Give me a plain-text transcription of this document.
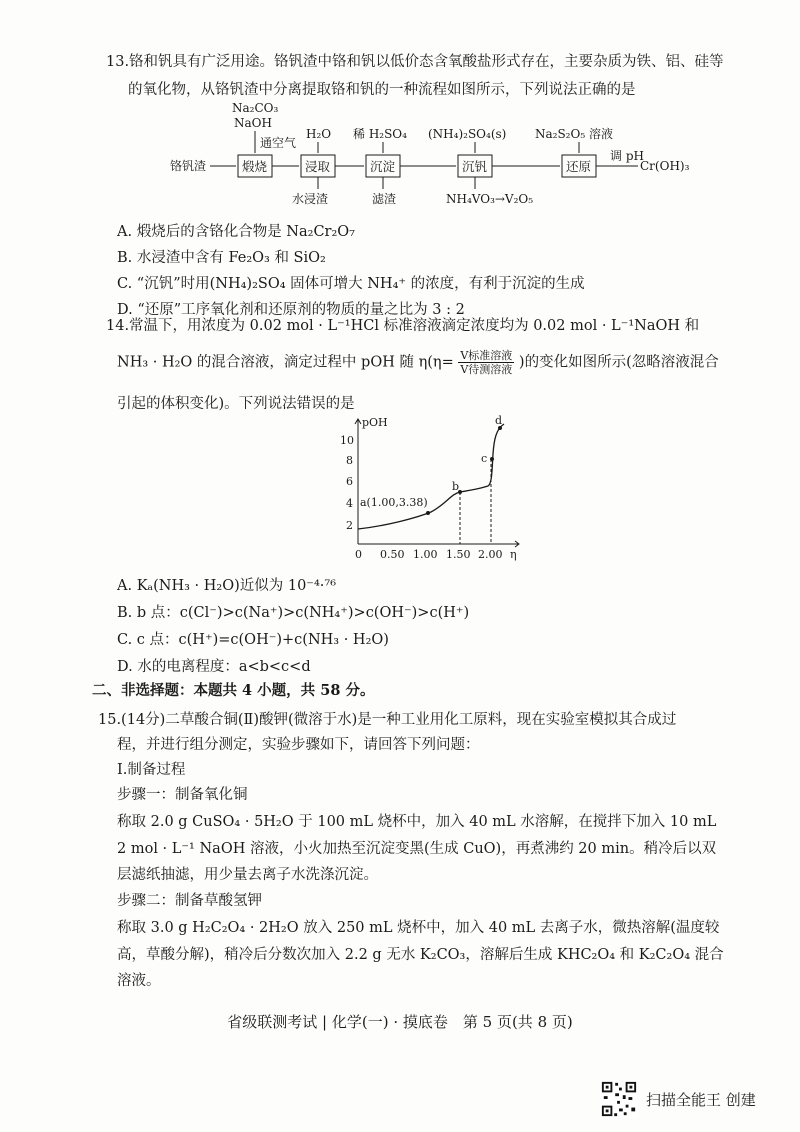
13.铬和钒具有广泛用途。铬钒渣中铬和钒以低价态含氧酸盐形式存在，主要杂质为铁、铝、硅等
的氧化物，从铬钒渣中分离提取铬和钒的一种流程如图所示，下列说法正确的是
Na₂CO₃
NaOH
通空气
H₂O 稀 H₂SO₄ (NH₄)₂SO₄(s) Na₂S₂O₅ 溶液
铬钒渣
调 pH
Cr(OH)₃
水浸渣	滤渣	NH₄VO₃→V₂O₅
煅烧	浸取	沉淀	沉钒	还原
A. 煅烧后的含铬化合物是 Na₂Cr₂O₇
B. 水浸渣中含有 Fe₂O₃ 和 SiO₂
C. “沉钒”时用(NH₄)₂SO₄ 固体可增大 NH₄⁺ 的浓度，有利于沉淀的生成
D. “还原”工序氧化剂和还原剂的物质的量之比为 3 : 2
14.常温下，用浓度为 0.02 mol · L⁻¹HCl 标准溶液滴定浓度均为 0.02 mol · L⁻¹NaOH 和
NH₃ · H₂O 的混合溶液，滴定过程中 pOH 随 η(η= V标准溶液
V待测溶液 )的变化如图所示(忽略溶液混合
引起的体积变化)。下列说法错误的是
pOH
10
8
6
4
2
0 0.50 1.00 1.50 2.00 η
a(1.00,3.38)
b
c
d
A. Kₐ(NH₃ · H₂O)近似为 10⁻⁴·⁷⁶
B. b 点：c(Cl⁻)>c(Na⁺)>c(NH₄⁺)>c(OH⁻)>c(H⁺)
C. c 点：c(H⁺)=c(OH⁻)+c(NH₃ · H₂O)
D. 水的电离程度：a<b<c<d
二、非选择题：本题共 4 小题，共 58 分。
15.(14分)二草酸合铜(Ⅱ)酸钾(微溶于水)是一种工业用化工原料，现在实验室模拟其合成过
程，并进行组分测定，实验步骤如下，请回答下列问题：
Ⅰ.制备过程
步骤一：制备氧化铜
称取 2.0 g CuSO₄ · 5H₂O 于 100 mL 烧杯中，加入 40 mL 水溶解，在搅拌下加入 10 mL
2 mol · L⁻¹ NaOH 溶液，小火加热至沉淀变黑(生成 CuO)，再煮沸约 20 min。稍冷后以双
层滤纸抽滤，用少量去离子水洗涤沉淀。
步骤二：制备草酸氢钾
称取 3.0 g H₂C₂O₄ · 2H₂O 放入 250 mL 烧杯中，加入 40 mL 去离子水，微热溶解(温度较
高，草酸分解)，稍冷后分数次加入 2.2 g 无水 K₂CO₃，溶解后生成 KHC₂O₄ 和 K₂C₂O₄ 混合
溶液。
省级联测考试 | 化学(一) · 摸底卷　第 5 页(共 8 页)
扫描全能王 创建
